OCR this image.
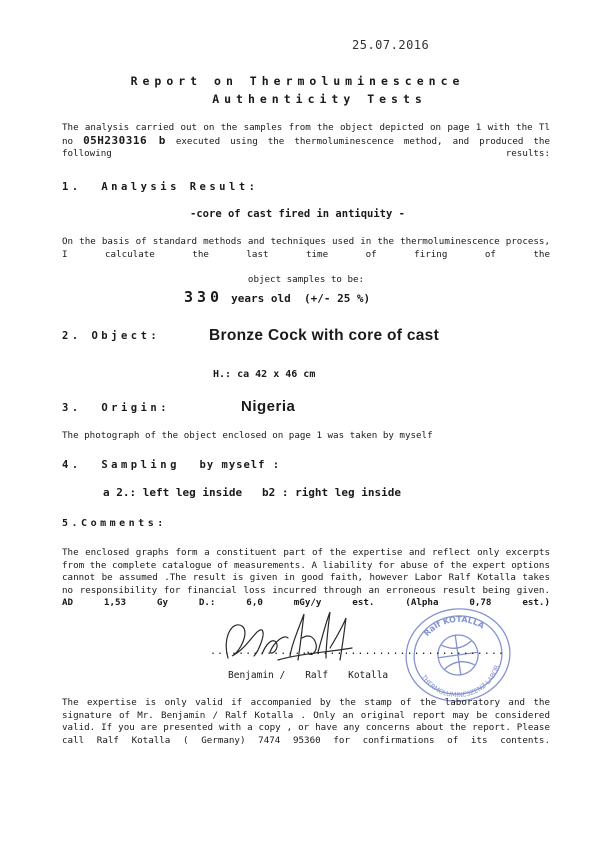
25.07.2016
Report on Thermoluminescence
Authenticity Tests
The analysis carried out on the samples from the object depicted on page 1 with the Tl no 05H230316 b executed using the thermoluminescence method, and produced the following results:
1. Analysis Result:
-core of cast fired in antiquity -
On the basis of standard methods and techniques used in the thermoluminescence process, I calculate the last time of firing of the
object samples to be:
330 years old (+/- 25 %)
2. Object:	Bronze Cock with core of cast
H.: ca 42 x 46 cm
3. Origin:	Nigeria
The photograph of the object enclosed on page 1 was taken by myself
4. Sampling by myself :
a 2.: left leg inside b2 : right leg inside
5.Comments:
The enclosed graphs form a constituent part of the expertise and reflect only excerpts from the complete catalogue of measurements. A liability for abuse of the expert options cannot be assumed .The result is given in good faith, however Labor Ralf Kotalla takes no responsibility for financial loss incurred through an erroneous result being given. AD 1,53 Gy D.: 6,0 mGy/y est. (Alpha 0,78 est.)
Ralf KOTALLA
THERMOLUMINESZENZ LABOR
..........................................
Benjamin / Ralf Kotalla
The expertise is only valid if accompanied by the stamp of the laboratory and the signature of Mr. Benjamin / Ralf Kotalla . Only an original report may be considered valid. If you are presented with a copy , or have any concerns about the report. Please call Ralf Kotalla ( Germany) 7474 95360 for confirmations of its contents.
